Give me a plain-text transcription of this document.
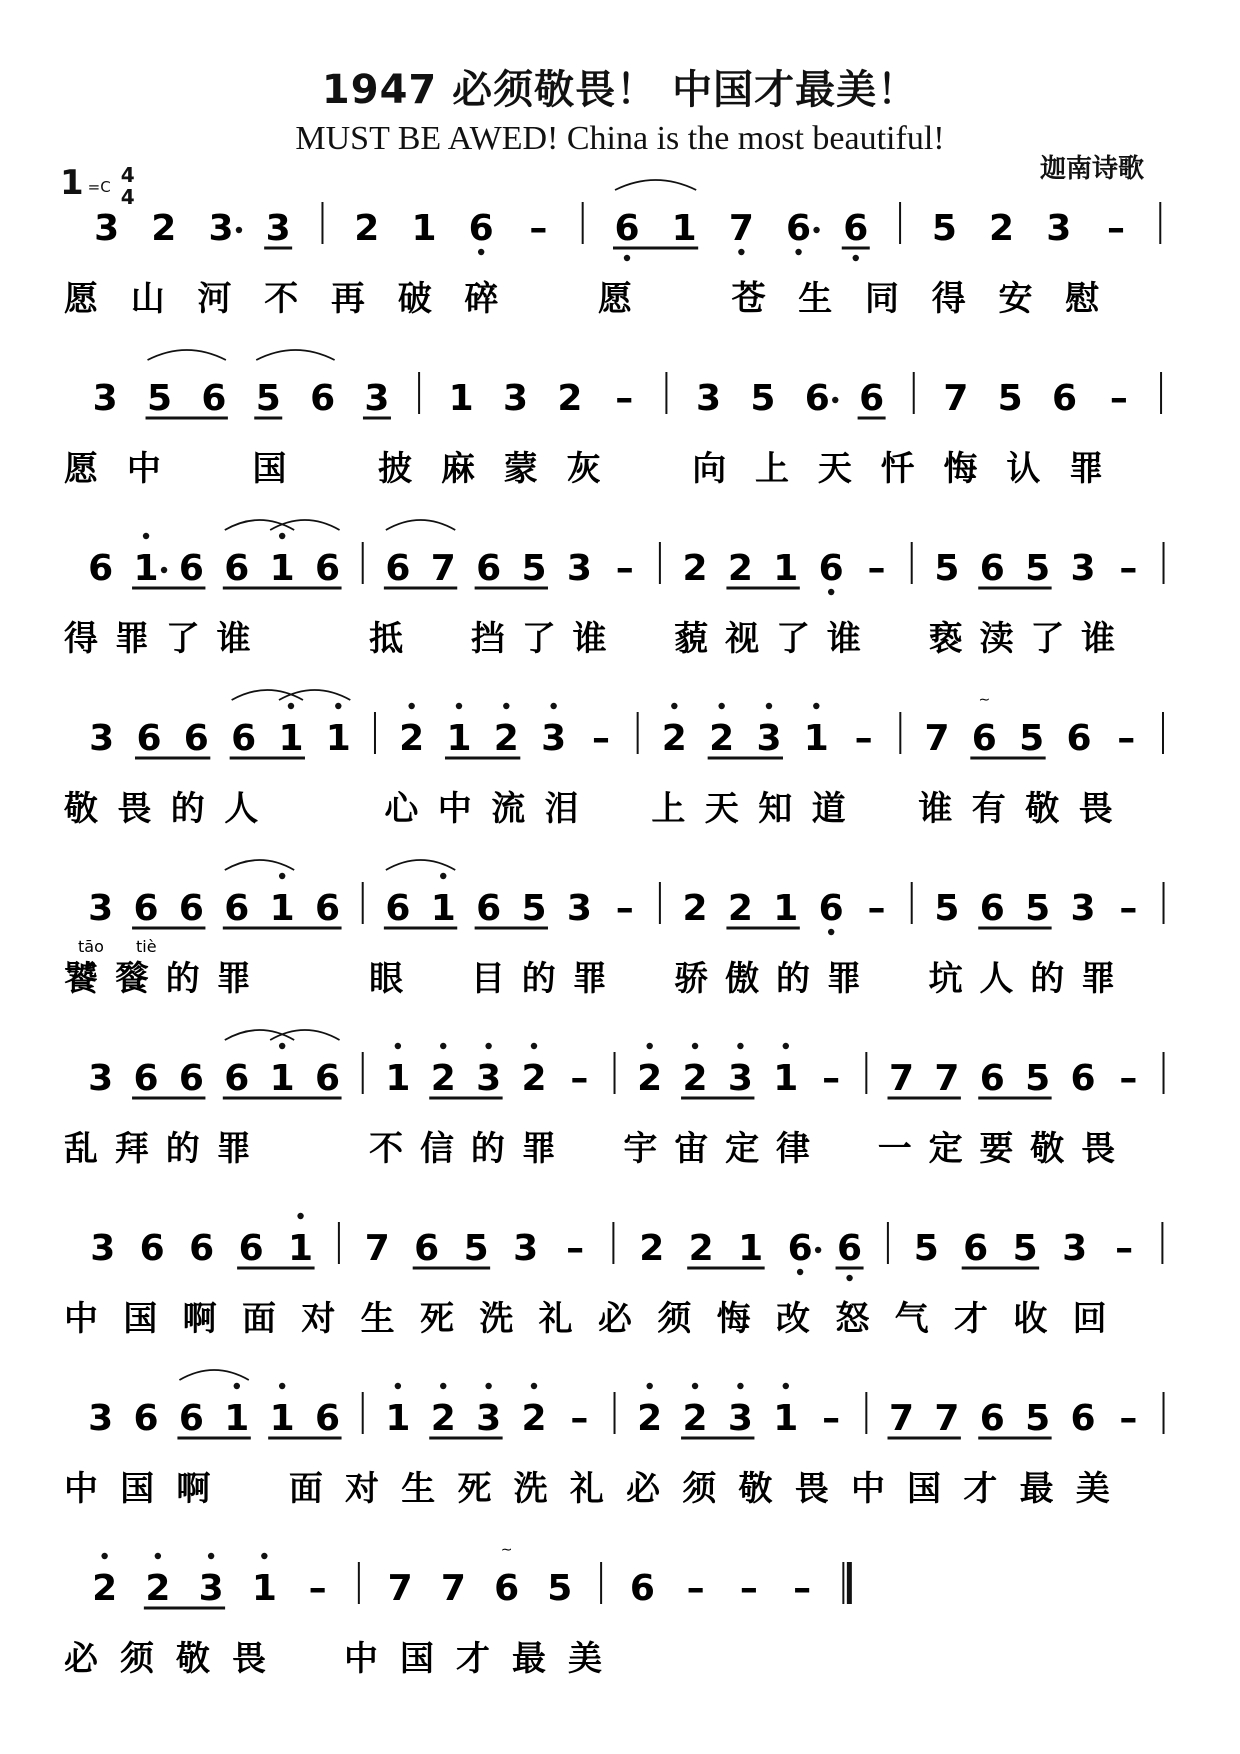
1947 必须敬畏！ 中国才最美！
MUST BE AWED! China is the most beautiful!
迦南诗歌
1 =C 4
4
3 2 3 3 2 1 6 – 6 1 7 6 6 5 2 3 –
愿 山 河 不 再 破 碎	愿	苍 生 同 得 安 慰
3 5 6 5 6 3 1 3 2 – 3 5 6 6 7 5 6 –
愿 中	国	披 麻 蒙 灰	向 上 天 忏 悔 认 罪
6 1 6 6 1 6 6 7 6 5 3 – 2 2 1 6 – 5 6 5 3 –
得 罪 了 谁	抵 挡 了 谁 藐 视 了 谁 亵 渎 了 谁
3 6 6 6 1 1 2 1 2 3 – 2 2 3 1 – 7 6
∼
5 6 –
敬 畏 的 人	心 中 流 泪 上 天 知 道 谁 有 敬 畏
3 6 6 6 1 6 6 1 6 5 3 – 2 2 1 6 – 5 6 5 3 –
tāo tiè
饕 餮 的 罪	眼 目 的 罪 骄 傲 的 罪 坑 人 的 罪
3 6 6 6 1 6 1 2 3 2 – 2 2 3 1 – 7 7 6 5 6 –
乱 拜 的 罪	不 信 的 罪 宇 宙 定 律 一 定 要 敬 畏
3 6 6 6 1 7 6 5 3 – 2 2 1 6 6 5 6 5 3 –
中 国 啊 面 对 生 死 洗 礼 必 须 悔 改 怒 气 才 收 回
3 6 6 1 1 6 1 2 3 2 – 2 2 3 1 – 7 7 6 5 6 –
中 国 啊 面 对 生 死 洗 礼 必 须 敬 畏 中 国 才 最 美
2 2 3 1 – 7 7 6
∼
5 6 – – –
必 须 敬 畏 中 国 才 最 美
